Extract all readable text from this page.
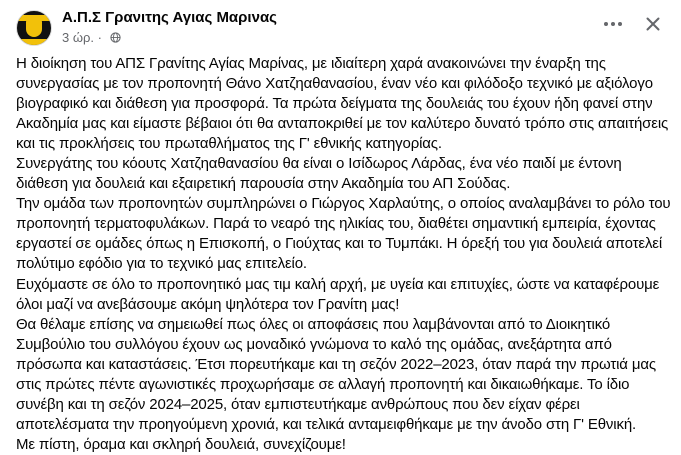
Α.Π.Σ Γρανιτης Αγιας Μαρινας
3 ώρ. ·

Η διοίκηση του ΑΠΣ Γρανίτης Αγίας Μαρίνας, με ιδιαίτερη χαρά ανακοινώνει την έναρξη της συνεργασίας με τον προπονητή Θάνο Χατζηαθανασίου, έναν νέο και φιλόδοξο τεχνικό με αξιόλογο βιογραφικό και διάθεση για προσφορά. Τα πρώτα δείγματα της δουλειάς του έχουν ήδη φανεί στην Ακαδημία μας και είμαστε βέβαιοι ότι θα ανταποκριθεί με τον καλύτερο δυνατό τρόπο στις απαιτήσεις και τις προκλήσεις του πρωταθλήματος της Γ' εθνικής κατηγορίας.

Συνεργάτης του κόουτς Χατζηαθανασίου θα είναι ο Ισίδωρος Λάρδας, ένα νέο παιδί με έντονη διάθεση για δουλειά και εξαιρετική παρουσία στην Ακαδημία του ΑΠ Σούδας.

Την ομάδα των προπονητών συμπληρώνει ο Γιώργος Χαρλαύτης, ο οποίος αναλαμβάνει το ρόλο του προπονητή τερματοφυλάκων. Παρά το νεαρό της ηλικίας του, διαθέτει σημαντική εμπειρία, έχοντας εργαστεί σε ομάδες όπως η Επισκοπή, ο Γιούχτας και το Τυμπάκι. Η όρεξή του για δουλειά αποτελεί πολύτιμο εφόδιο για το τεχνικό μας επιτελείο.

Ευχόμαστε σε όλο το προπονητικό μας τιμ καλή αρχή, με υγεία και επιτυχίες, ώστε να καταφέρουμε όλοι μαζί να ανεβάσουμε ακόμη ψηλότερα τον Γρανίτη μας!

Θα θέλαμε επίσης να σημειωθεί πως όλες οι αποφάσεις που λαμβάνονται από το Διοικητικό Συμβούλιο του συλλόγου έχουν ως μοναδικό γνώμονα το καλό της ομάδας, ανεξάρτητα από πρόσωπα και καταστάσεις. Έτσι πορευτήκαμε και τη σεζόν 2022–2023, όταν παρά την πρωτιά μας στις πρώτες πέντε αγωνιστικές προχωρήσαμε σε αλλαγή προπονητή και δικαιωθήκαμε. Το ίδιο συνέβη και τη σεζόν 2024–2025, όταν εμπιστευτήκαμε ανθρώπους που δεν είχαν φέρει αποτελέσματα την προηγούμενη χρονιά, και τελικά ανταμειφθήκαμε με την άνοδο στη Γ' Εθνική.

Με πίστη, όραμα και σκληρή δουλειά, συνεχίζουμε!
